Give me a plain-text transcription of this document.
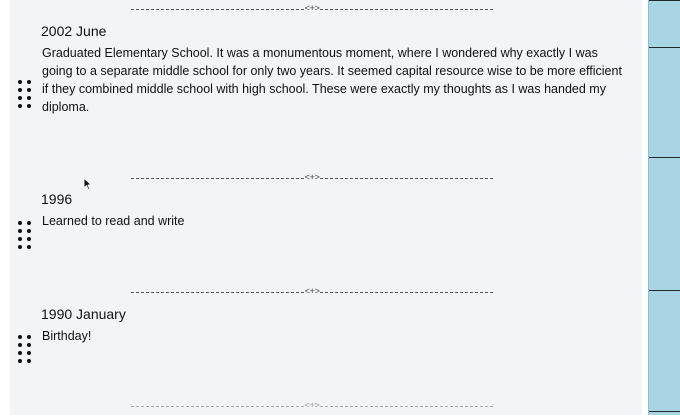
<+>
2002 June
Graduated Elementary School. It was a monumentous moment, where I wondered why exactly I was going to a separate middle school for only two years. It seemed capital resource wise to be more efficient if they combined middle school with high school. These were exactly my thoughts as I was handed my diploma.
<+>
1996
Learned to read and write
<+>
1990 January
Birthday!
<+>
